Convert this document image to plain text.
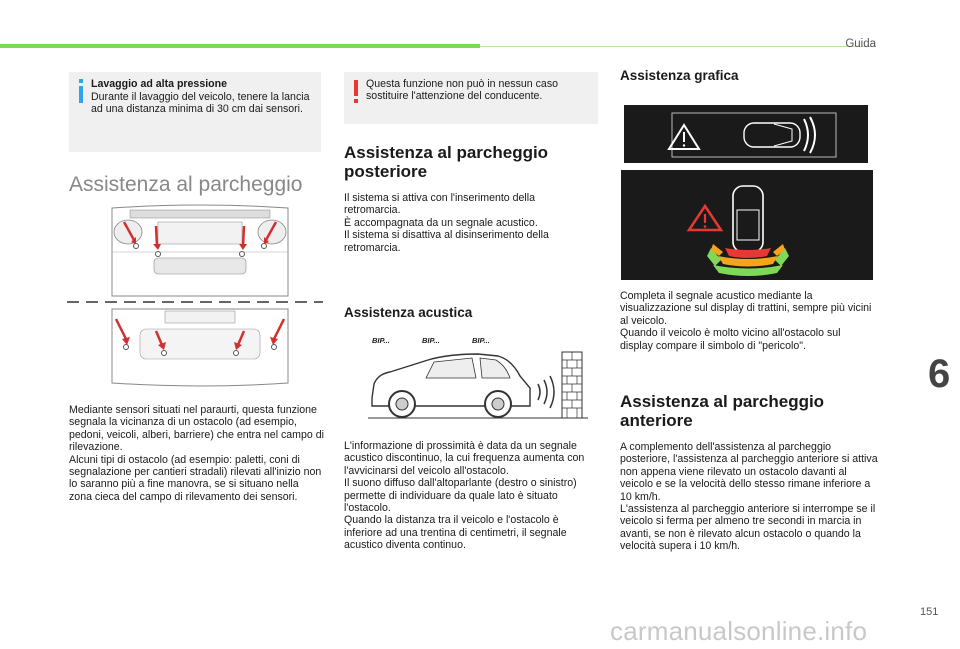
Guida
Lavaggio ad alta pressione
Durante il lavaggio del veicolo, tenere la lancia ad una distanza minima di 30 cm dai sensori.
Assistenza al parcheggio
Mediante sensori situati nel paraurti, questa funzione segnala la vicinanza di un ostacolo (ad esempio, pedoni, veicoli, alberi, barriere) che entra nel campo di rilevazione.
Alcuni tipi di ostacolo (ad esempio: paletti, coni di segnalazione per cantieri stradali) rilevati all'inizio non lo saranno più a fine manovra, se si situano nella zona cieca del campo di rilevamento dei sensori.
Questa funzione non può in nessun caso sostituire l'attenzione del conducente.
Assistenza al parcheggio posteriore
Il sistema si attiva con l'inserimento della retromarcia.
È accompagnata da un segnale acustico.
Il sistema si disattiva al disinserimento della retromarcia.
Assistenza acustica
BIP...	BIP...	BIP...
L'informazione di prossimità è data da un segnale acustico discontinuo, la cui frequenza aumenta con l'avvicinarsi del veicolo all'ostacolo.
Il suono diffuso dall'altoparlante (destro o sinistro) permette di individuare da quale lato è situato l'ostacolo.
Quando la distanza tra il veicolo e l'ostacolo è inferiore ad una trentina di centimetri, il segnale acustico diventa continuo.
Assistenza grafica
Completa il segnale acustico mediante la visualizzazione sul display di trattini, sempre più vicini al veicolo.
Quando il veicolo è molto vicino all'ostacolo sul display compare il simbolo di "pericolo".
Assistenza al parcheggio anteriore
A complemento dell'assistenza al parcheggio posteriore, l'assistenza al parcheggio anteriore si attiva non appena viene rilevato un ostacolo davanti al veicolo e se la velocità dello stesso rimane inferiore a 10 km/h.
L'assistenza al parcheggio anteriore si interrompe se il veicolo si ferma per almeno tre secondi in marcia in avanti, se non è rilevato alcun ostacolo o quando la velocità supera i 10 km/h.
6
151
carmanualsonline.info
